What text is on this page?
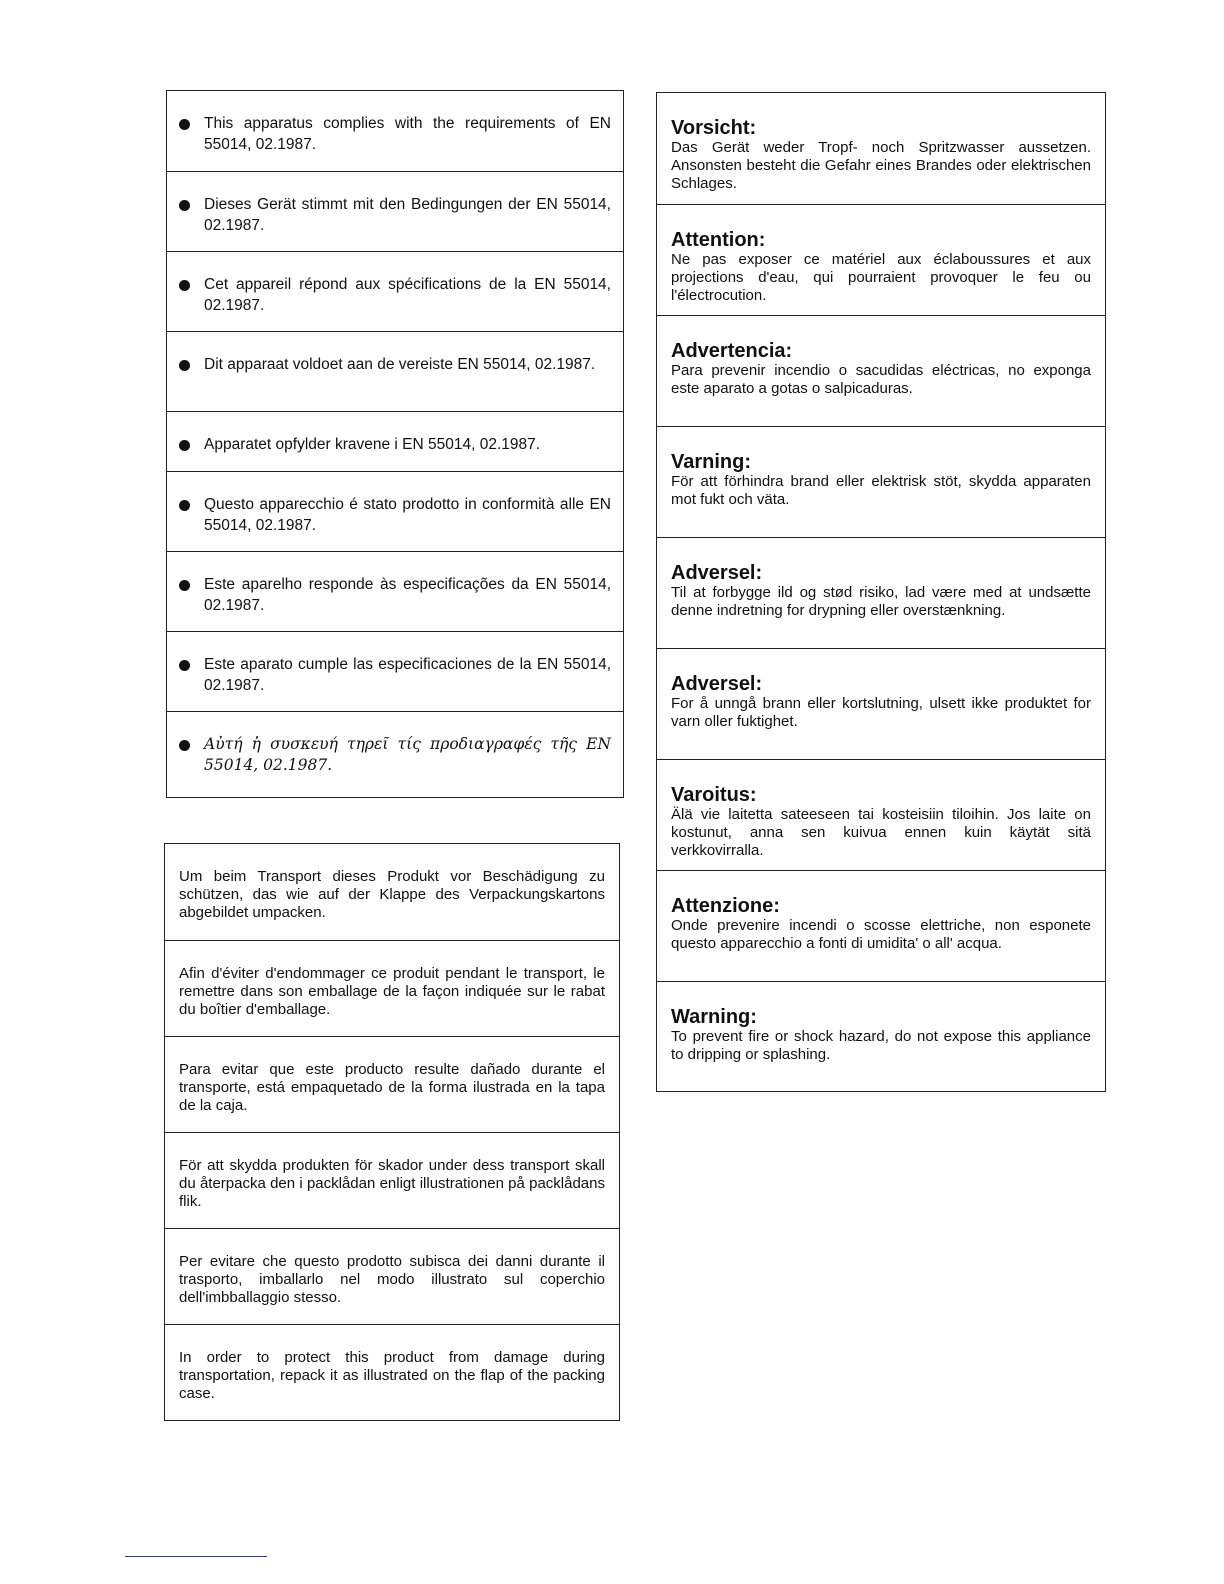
This apparatus complies with the requirements of EN 55014, 02.1987.
Dieses Gerät stimmt mit den Bedingungen der EN 55014, 02.1987.
Cet appareil répond aux spécifications de la EN 55014, 02.1987.
Dit apparaat voldoet aan de vereiste EN 55014, 02.1987.
Apparatet opfylder kravene i EN 55014, 02.1987.
Questo apparecchio é stato prodotto in conformità alle EN 55014, 02.1987.
Este aparelho responde às especificações da EN 55014, 02.1987.
Este aparato cumple las especificaciones de la EN 55014, 02.1987.
Αὐτή ἡ συσκευή τηρεῖ τίς προδιαγραφές τῆς EN 55014, 02.1987.
Um beim Transport dieses Produkt vor Beschädigung zu schützen, das wie auf der Klappe des Verpackungskartons abgebildet umpacken.
Afin d'éviter d'endommager ce produit pendant le transport, le remettre dans son emballage de la façon indiquée sur le rabat du boîtier d'emballage.
Para evitar que este producto resulte dañado durante el transporte, está empaquetado de la forma ilustrada en la tapa de la caja.
För att skydda produkten för skador under dess transport skall du återpacka den i packlådan enligt illustrationen på packlådans flik.
Per evitare che questo prodotto subisca dei danni durante il trasporto, imballarlo nel modo illustrato sul coperchio dell'imbballaggio stesso.
In order to protect this product from damage during transportation, repack it as illustrated on the flap of the packing case.
Vorsicht:
Das Gerät weder Tropf- noch Spritzwasser aussetzen. Ansonsten besteht die Gefahr eines Brandes oder elektrischen Schlages.
Attention:
Ne pas exposer ce matériel aux éclaboussures et aux projections d'eau, qui pourraient provoquer le feu ou l'électrocution.
Advertencia:
Para prevenir incendio o sacudidas eléctricas, no exponga este aparato a gotas o salpicaduras.
Varning:
För att förhindra brand eller elektrisk stöt, skydda apparaten mot fukt och väta.
Adversel:
Til at forbygge ild og stød risiko, lad være med at undsætte denne indretning for drypning eller overstænkning.
Adversel:
For å unngå brann eller kortslutning, ulsett ikke produktet for varn oller fuktighet.
Varoitus:
Älä vie laitetta sateeseen tai kosteisiin tiloihin. Jos laite on kostunut, anna sen kuivua ennen kuin käytät sitä verkkovirralla.
Attenzione:
Onde prevenire incendi o scosse elettriche, non esponete questo apparecchio a fonti di umidita' o all' acqua.
Warning:
To prevent fire or shock hazard, do not expose this appliance to dripping or splashing.
